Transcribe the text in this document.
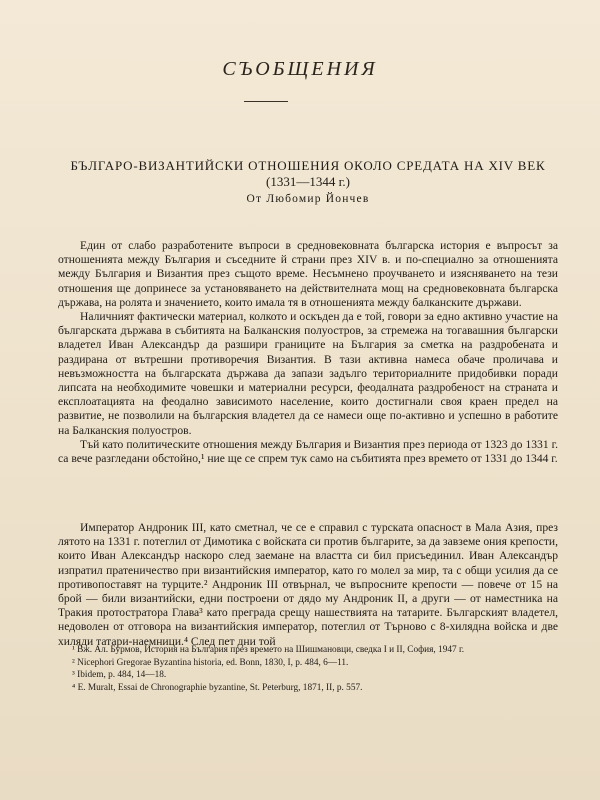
СЪОБЩЕНИЯ
БЪЛГАРО-ВИЗАНТИЙСКИ ОТНОШЕНИЯ ОКОЛО СРЕДАТА НА XIV ВЕК
(1331—1344 г.)
От Любомир Йончев

Един от слабо разработените въпроси в средновековната българска история е въпросът за отношенията между България и съседните й страни през XIV в. и по-специално за отношенията между България и Византия през същото време. Несъмнено проучването и изясняването на тези отношения ще допринесе за установяването на действителната мощ на средновековната българска държава, на ролята и значението, които имала тя в отношенията между балканските държави.

Наличният фактически материал, колкото и оскъден да е той, говори за едно активно участие на българската държава в събитията на Балканския полуостров, за стремежа на тогавашния български владетел Иван Александър да разшири границите на България за сметка на раздробената и раздирана от вътрешни противоречия Византия. В тази активна намеса обаче проличава и невъзможността на българската държава да запази задълго териториалните придобивки поради липсата на необходимите човешки и материални ресурси, феодалната раздробеност на страната и експлоатацията на феодално зависимото население, които достигнали своя краен предел на развитие, не позволили на българския владетел да се намеси още по-активно и успешно в работите на Балканския полуостров.

Тъй като политическите отношения между България и Византия през периода от 1323 до 1331 г. са вече разгледани обстойно,¹ ние ще се спрем тук само на събитията през времето от 1331 до 1344 г.

Император Андроник III, като сметнал, че се е справил с турската опасност в Мала Азия, през лятото на 1331 г. потеглил от Димотика с войската си против българите, за да завземе ония крепости, които Иван Александър наскоро след заемане на властта си бил присъединил. Иван Александър изпратил пратеничество при византийския император, като го молел за мир, та с общи усилия да се противопоставят на турците.² Андроник III отвърнал, че въпросните крепости — повече от 15 на брой — били византийски, едни построени от дядо му Андроник II, а други — от наместника на Тракия протостратора Глава³ като преграда срещу нашествията на татарите. Българският владетел, недоволен от отговора на византийския император, потеглил от Търново с 8-хилядна войска и две хиляди татари-наемници.⁴ След пет дни той

¹ Вж. Ал. Бурмов, История на България през времето на Шишмановци, сведка I и II, София, 1947 г.

² Nicephori Gregorae Byzantina historia, ed. Bonn, 1830, I, p. 484, 6—11.

³ Ibidem, p. 484, 14—18.

⁴ E. Muralt, Essai de Chronographie byzantine, St. Peterburg, 1871, II, p. 557.
